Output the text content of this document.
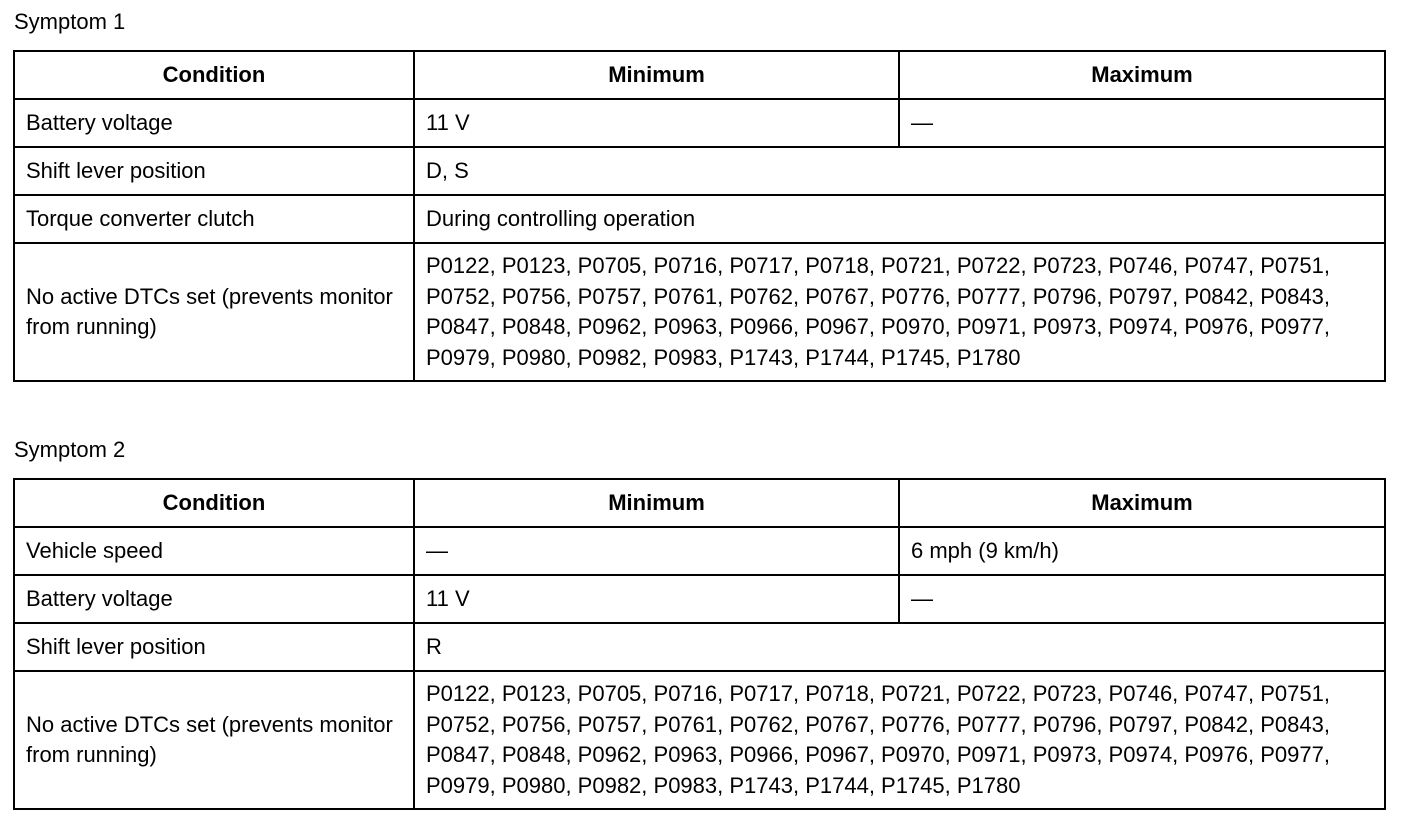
Symptom 1
Condition	Minimum	Maximum
Battery voltage	11 V	—
Shift lever position	D, S	
Torque converter clutch	During controlling operation	
No active DTCs set (prevents monitor from running)	P0122, P0123, P0705, P0716, P0717, P0718, P0721, P0722, P0723, P0746, P0747, P0751, P0752, P0756, P0757, P0761, P0762, P0767, P0776, P0777, P0796, P0797, P0842, P0843, P0847, P0848, P0962, P0963, P0966, P0967, P0970, P0971, P0973, P0974, P0976, P0977, P0979, P0980, P0982, P0983, P1743, P1744, P1745, P1780	
Symptom 2
Condition	Minimum	Maximum
Vehicle speed	—	6 mph (9 km/h)
Battery voltage	11 V	—
Shift lever position	R	
No active DTCs set (prevents monitor from running)	P0122, P0123, P0705, P0716, P0717, P0718, P0721, P0722, P0723, P0746, P0747, P0751, P0752, P0756, P0757, P0761, P0762, P0767, P0776, P0777, P0796, P0797, P0842, P0843, P0847, P0848, P0962, P0963, P0966, P0967, P0970, P0971, P0973, P0974, P0976, P0977, P0979, P0980, P0982, P0983, P1743, P1744, P1745, P1780	
